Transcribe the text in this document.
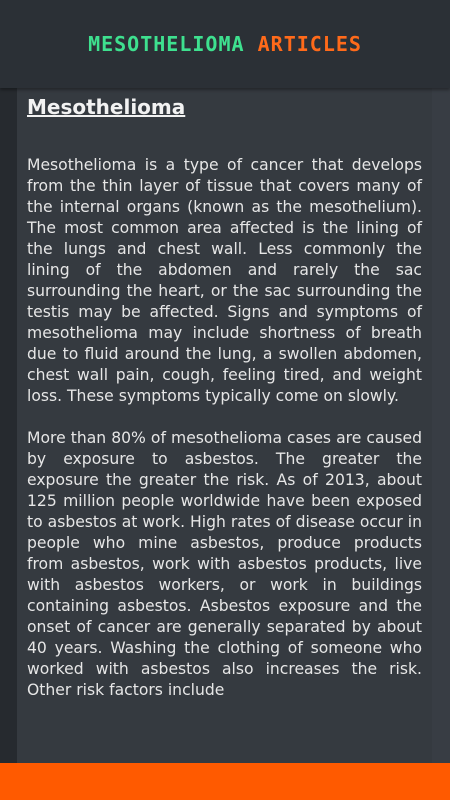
MESOTHELIOMA ARTICLES
Mesothelioma

Mesothelioma is a type of cancer that develops from the thin layer of tissue that covers many of the internal organs (known as the mesothelium). The most common area affected is the lining of the lungs and chest wall. Less commonly the lining of the abdomen and rarely the sac surrounding the heart, or the sac surrounding the testis may be affected. Signs and symptoms of mesothelioma may include shortness of breath due to fluid around the lung, a swollen abdomen, chest wall pain, cough, feeling tired, and weight loss. These symptoms typically come on slowly.

More than 80% of mesothelioma cases are caused by exposure to asbestos. The greater the exposure the greater the risk. As of 2013, about 125 million people worldwide have been exposed to asbestos at work. High rates of disease occur in people who mine asbestos, produce products from asbestos, work with asbestos products, live with asbestos workers, or work in buildings containing asbestos. Asbestos exposure and the onset of cancer are generally separated by about 40 years. Washing the clothing of someone who worked with asbestos also increases the risk. Other risk factors include
